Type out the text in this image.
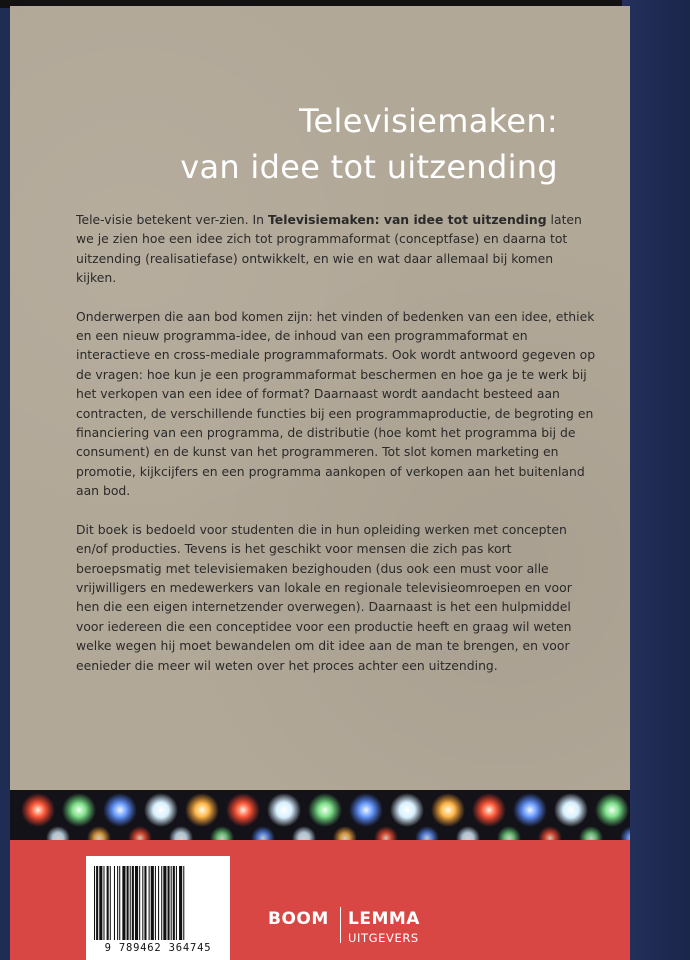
Televisiemaken:
van idee tot uitzending

Tele-visie betekent ver-zien. In Televisiemaken: van idee tot uitzending laten we je zien hoe een idee zich tot programmaformat (conceptfase) en daarna tot uitzending (realisatiefase) ontwikkelt, en wie en wat daar allemaal bij komen kijken.

Onderwerpen die aan bod komen zijn: het vinden of bedenken van een idee, ethiek en een nieuw programma-idee, de inhoud van een programmaformat en interactieve en cross-mediale programmaformats. Ook wordt antwoord gegeven op de vragen: hoe kun je een programmaformat beschermen en hoe ga je te werk bij het verkopen van een idee of format? Daarnaast wordt aandacht besteed aan contracten, de verschillende functies bij een programmaproductie, de begroting en financiering van een programma, de distributie (hoe komt het programma bij de consument) en de kunst van het programmeren. Tot slot komen marketing en promotie, kijkcijfers en een programma aankopen of verkopen aan het buitenland aan bod.

Dit boek is bedoeld voor studenten die in hun opleiding werken met concepten en/of producties. Tevens is het geschikt voor mensen die zich pas kort beroepsmatig met televisiemaken bezighouden (dus ook een must voor alle vrijwilligers en medewerkers van lokale en regionale televisieomroepen en voor hen die een eigen internetzender overwegen). Daarnaast is het een hulpmiddel voor iedereen die een conceptidee voor een productie heeft en graag wil weten welke wegen hij moet bewandelen om dit idee aan de man te brengen, en voor eenieder die meer wil weten over het proces achter een uitzending.

9 789462 364745
BOOM LEMMA
UITGEVERS
